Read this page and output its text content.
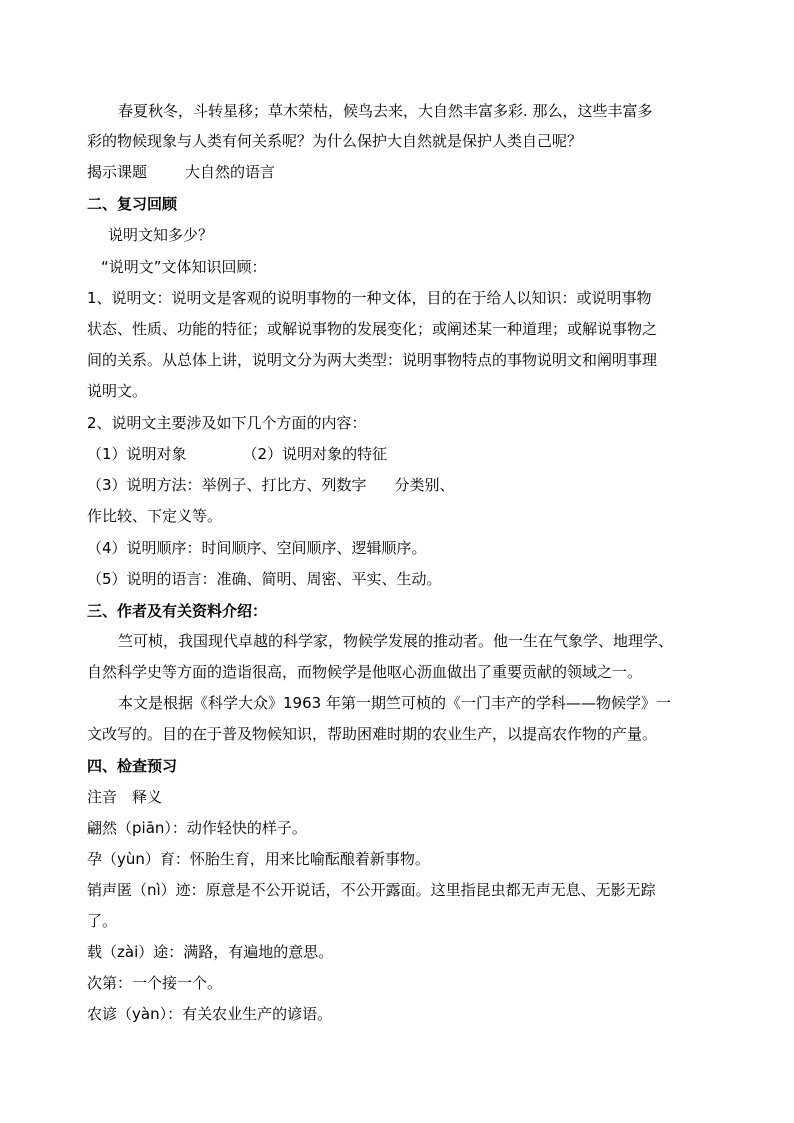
春夏秋冬，斗转星移；草木荣枯，候鸟去来，大自然丰富多彩. 那么，这些丰富多
彩的物候现象与人类有何关系呢？为什么保护大自然就是保护人类自己呢？
揭示课题	大自然的语言
二、复习回顾
说明文知多少？
“说明文”文体知识回顾：
1、说明文：说明文是客观的说明事物的一种文体，目的在于给人以知识：或说明事物
状态、性质、功能的特征；或解说事物的发展变化；或阐述某一种道理；或解说事物之
间的关系。从总体上讲，说明文分为两大类型：说明事物特点的事物说明文和阐明事理
说明文。
2、说明文主要涉及如下几个方面的内容：
（1）说明对象	（2）说明对象的特征
（3）说明方法：举例子、打比方、列数字 分类别、
作比较、下定义等。
（4）说明顺序：时间顺序、空间顺序、逻辑顺序。
（5）说明的语言：准确、简明、周密、平实、生动。
三、作者及有关资料介绍：
竺可桢，我国现代卓越的科学家，物候学发展的推动者。他一生在气象学、地理学、
自然科学史等方面的造诣很高，而物候学是他呕心沥血做出了重要贡献的领域之一。
本文是根据《科学大众》1963 年第一期竺可桢的《一门丰产的学科——物候学》一
文改写的。目的在于普及物候知识，帮助困难时期的农业生产，以提高农作物的产量。
四、检查预习
注音　释义
翩然（piān）：动作轻快的样子。
孕（yùn）育：怀胎生育，用来比喻酝酿着新事物。
销声匿（nì）迹：原意是不公开说话，不公开露面。这里指昆虫都无声无息、无影无踪
了。
载（zài）途：满路，有遍地的意思。
次第：一个接一个。
农谚（yàn）：有关农业生产的谚语。
